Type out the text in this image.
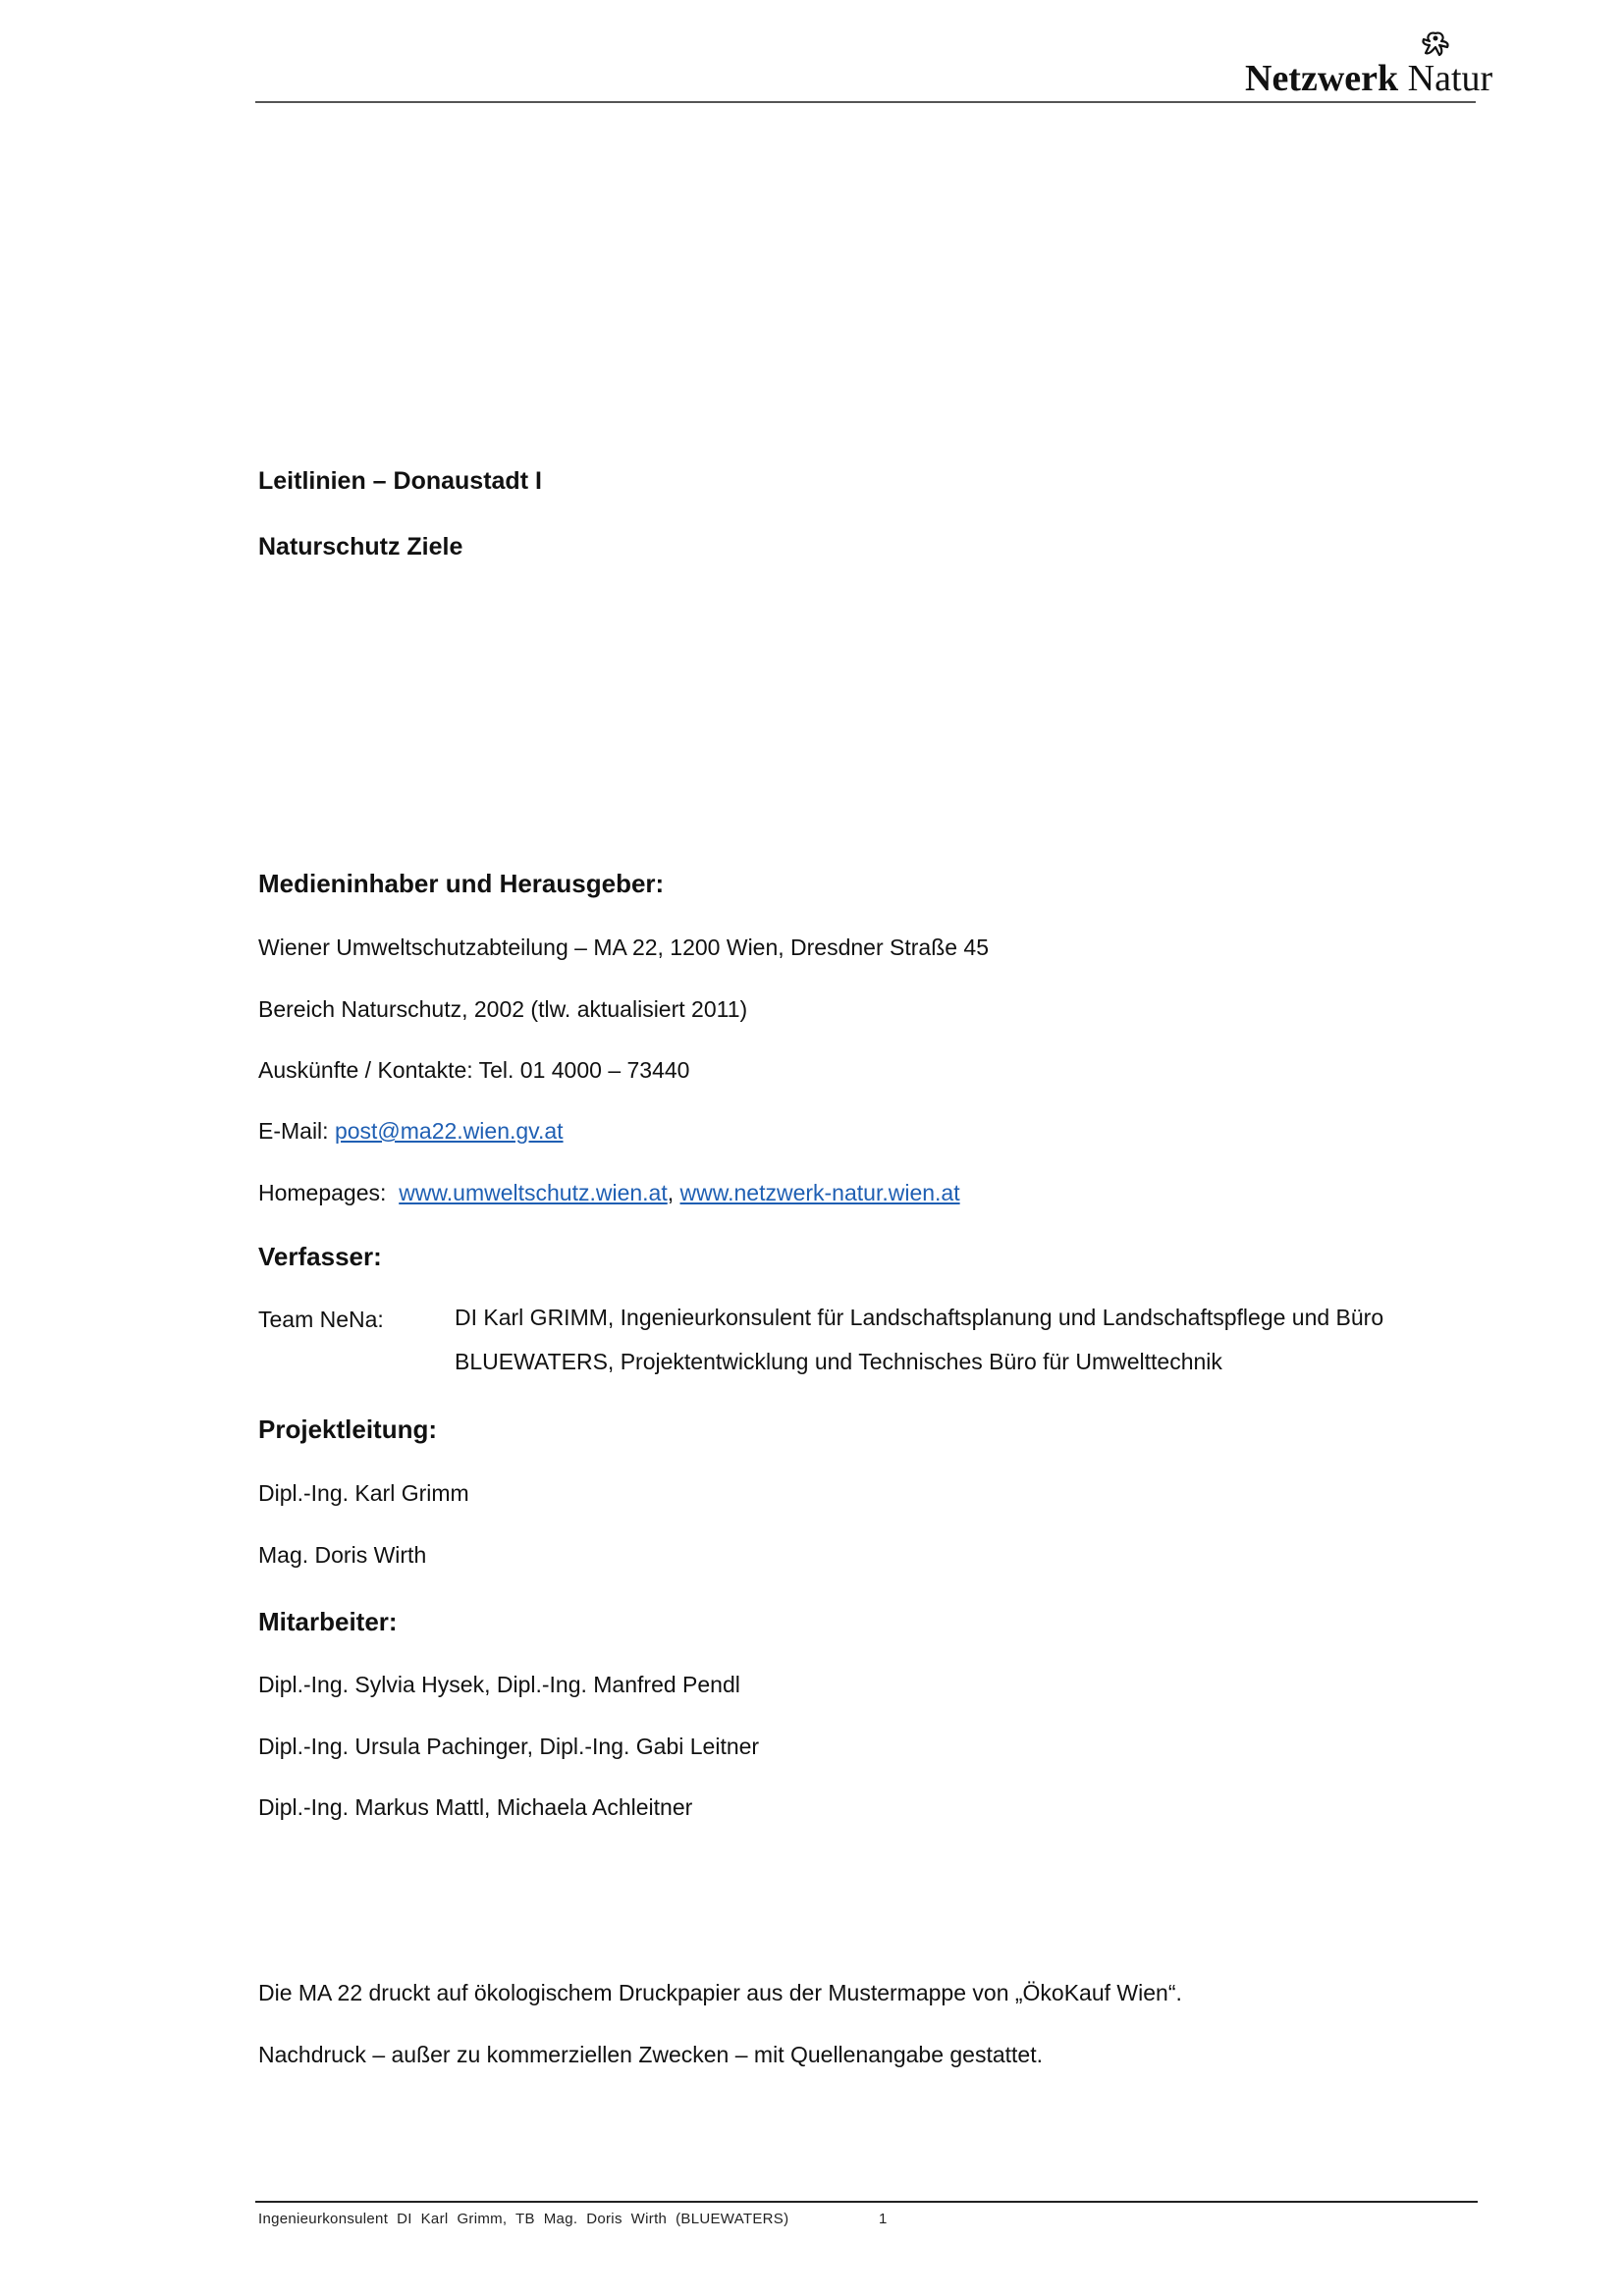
Netzwerk Natur
Leitlinien – Donaustadt I
Naturschutz Ziele
Medieninhaber und Herausgeber:
Wiener Umweltschutzabteilung – MA 22, 1200 Wien, Dresdner Straße 45
Bereich Naturschutz, 2002 (tlw. aktualisiert 2011)
Auskünfte / Kontakte: Tel. 01 4000 – 73440
E-Mail: post@ma22.wien.gv.at
Homepages:  www.umweltschutz.wien.at, www.netzwerk-natur.wien.at
Verfasser:
Team NeNa:	DI Karl GRIMM, Ingenieurkonsulent für Landschaftsplanung und Landschaftspflege und Büro
BLUEWATERS, Projektentwicklung und Technisches Büro für Umwelttechnik
Projektleitung:
Dipl.-Ing. Karl Grimm
Mag. Doris Wirth
Mitarbeiter:
Dipl.-Ing. Sylvia Hysek, Dipl.-Ing. Manfred Pendl
Dipl.-Ing. Ursula Pachinger, Dipl.-Ing. Gabi Leitner
Dipl.-Ing. Markus Mattl, Michaela Achleitner
Die MA 22 druckt auf ökologischem Druckpapier aus der Mustermappe von „ÖkoKauf Wien“.
Nachdruck – außer zu kommerziellen Zwecken – mit Quellenangabe gestattet.
Ingenieurkonsulent  DI  Karl  Grimm,  TB  Mag.  Doris  Wirth  (BLUEWATERS)	1
